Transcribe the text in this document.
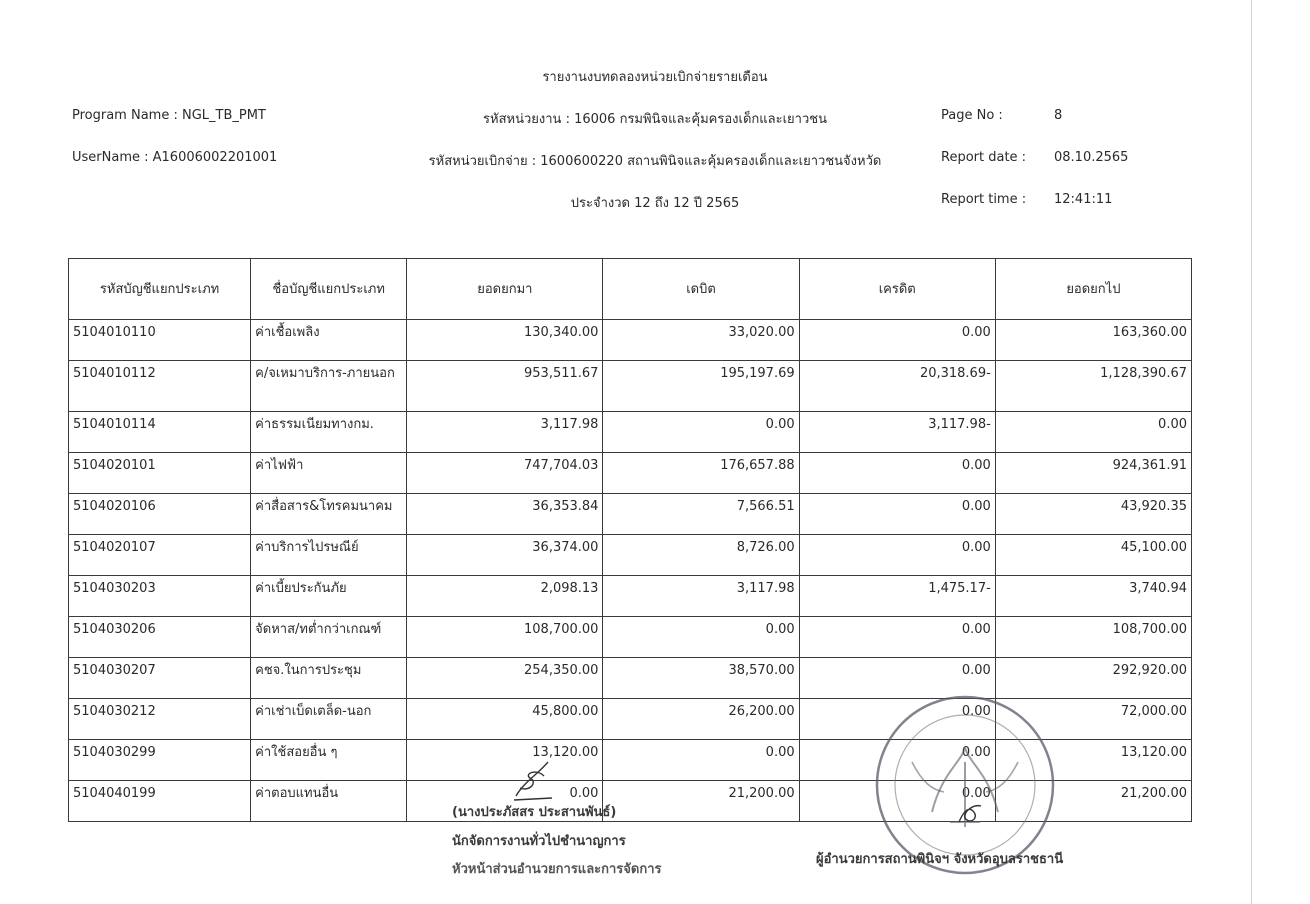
รายงานงบทดลองหน่วยเบิกจ่ายรายเดือน
Program Name : NGL_TB_PMT
UserName : A16006002201001
รหัสหน่วยงาน : 16006 กรมพินิจและคุ้มครองเด็กและเยาวชน
รหัสหน่วยเบิกจ่าย : 1600600220 สถานพินิจและคุ้มครองเด็กและเยาวชนจังหวัด
ประจำงวด 12 ถึง 12 ปี 2565
Page No :	8
Report date : 08.10.2565
Report time : 12:41:11
รหัสบัญชีแยกประเภท	ชื่อบัญชีแยกประเภท	ยอดยกมา	เดบิต	เครดิต	ยอดยกไป
5104010110	ค่าเชื้อเพลิง	130,340.00	33,020.00	0.00	163,360.00
5104010112	ค/จเหมาบริการ-ภายนอก	953,511.67	195,197.69	20,318.69-	1,128,390.67
5104010114	ค่าธรรมเนียมทางกม.	3,117.98	0.00	3,117.98-	0.00
5104020101	ค่าไฟฟ้า	747,704.03	176,657.88	0.00	924,361.91
5104020106	ค่าสื่อสาร&โทรคมนาคม	36,353.84	7,566.51	0.00	43,920.35
5104020107	ค่าบริการไปรษณีย์	36,374.00	8,726.00	0.00	45,100.00
5104030203	ค่าเบี้ยประกันภัย	2,098.13	3,117.98	1,475.17-	3,740.94
5104030206	จัดหาส/ทต่ำกว่าเกณฑ์	108,700.00	0.00	0.00	108,700.00
5104030207	คชจ.ในการประชุม	254,350.00	38,570.00	0.00	292,920.00
5104030212	ค่าเช่าเบ็ดเตล็ด-นอก	45,800.00	26,200.00	0.00	72,000.00
5104030299	ค่าใช้สอยอื่น ๆ	13,120.00	0.00	0.00	13,120.00
5104040199	ค่าตอบแทนอื่น	0.00	21,200.00	0.00	21,200.00
(นางประภัสสร ประสานพันธ์)
นักจัดการงานทั่วไปชำนาญการ
หัวหน้าส่วนอำนวยการและการจัดการ
ผู้อำนวยการสถานพินิจฯ จังหวัดอุบลราชธานี
